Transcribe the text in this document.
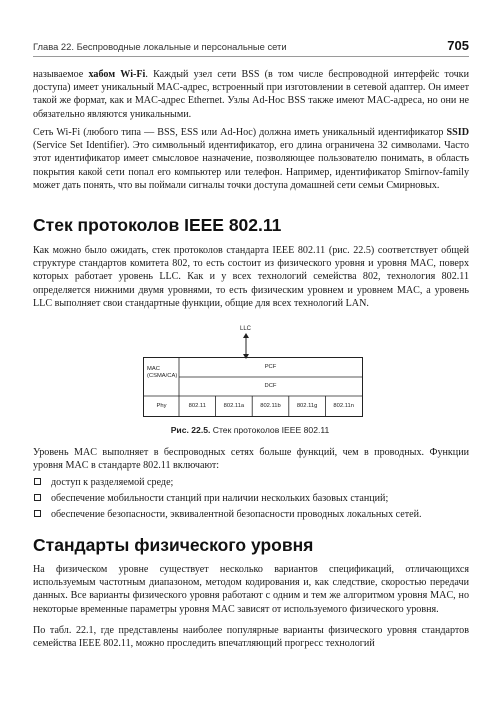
Глава 22. Беспроводные локальные и персональные сети	705
называемое хабом Wi-Fi. Каждый узел сети BSS (в том числе беспроводной интерфейс точки доступа) имеет уникальный MAC-адрес, встроенный при изготовлении в сетевой адаптер. Он имеет такой же формат, как и MAC-адрес Ethernet. Узлы Ad-Hoc BSS также имеют MAC-адреса, но они не обязательно являются уникальными.
Сеть Wi-Fi (любого типа — BSS, ESS или Ad-Hoc) должна иметь уникальный идентификатор SSID (Service Set Identifier). Это символьный идентификатор, его длина ограничена 32 символами. Часто этот идентификатор имеет смысловое назначение, позволяющее пользователю понимать, в область покрытия какой сети попал его компьютер или телефон. Например, идентификатор Smirnov-family может дать понять, что вы поймали сигналы точки доступа домашней сети семьи Смирновых.
Стек протоколов IEEE 802.11
Как можно было ожидать, стек протоколов стандарта IEEE 802.11 (рис. 22.5) соответствует общей структуре стандартов комитета 802, то есть состоит из физического уровня и уровня MAC, поверх которых работает уровень LLC. Как и у всех технологий семейства 802, технология 802.11 определяется нижними двумя уровнями, то есть физическим уровнем и уровнем MAC, а уровень LLC выполняет свои стандартные функции, общие для всех технологий LAN.
LLC
MAC
(CSMA/CA)
PCF
DCF
Phy	802.11	802.11a	802.11b	802.11g	802.11n
Рис. 22.5. Стек протоколов IEEE 802.11
Уровень MAC выполняет в беспроводных сетях больше функций, чем в проводных. Функции уровня MAC в стандарте 802.11 включают:
доступ к разделяемой среде;
обеспечение мобильности станций при наличии нескольких базовых станций;
обеспечение безопасности, эквивалентной безопасности проводных локальных сетей.
Стандарты физического уровня
На физическом уровне существует несколько вариантов спецификаций, отличающихся используемым частотным диапазоном, методом кодирования и, как следствие, скоростью передачи данных. Все варианты физического уровня работают с одним и тем же алгоритмом уровня MAC, но некоторые временные параметры уровня MAC зависят от используемого физического уровня.
По табл. 22.1, где представлены наиболее популярные варианты физического уровня стандартов семейства IEEE 802.11, можно проследить впечатляющий прогресс технологий
